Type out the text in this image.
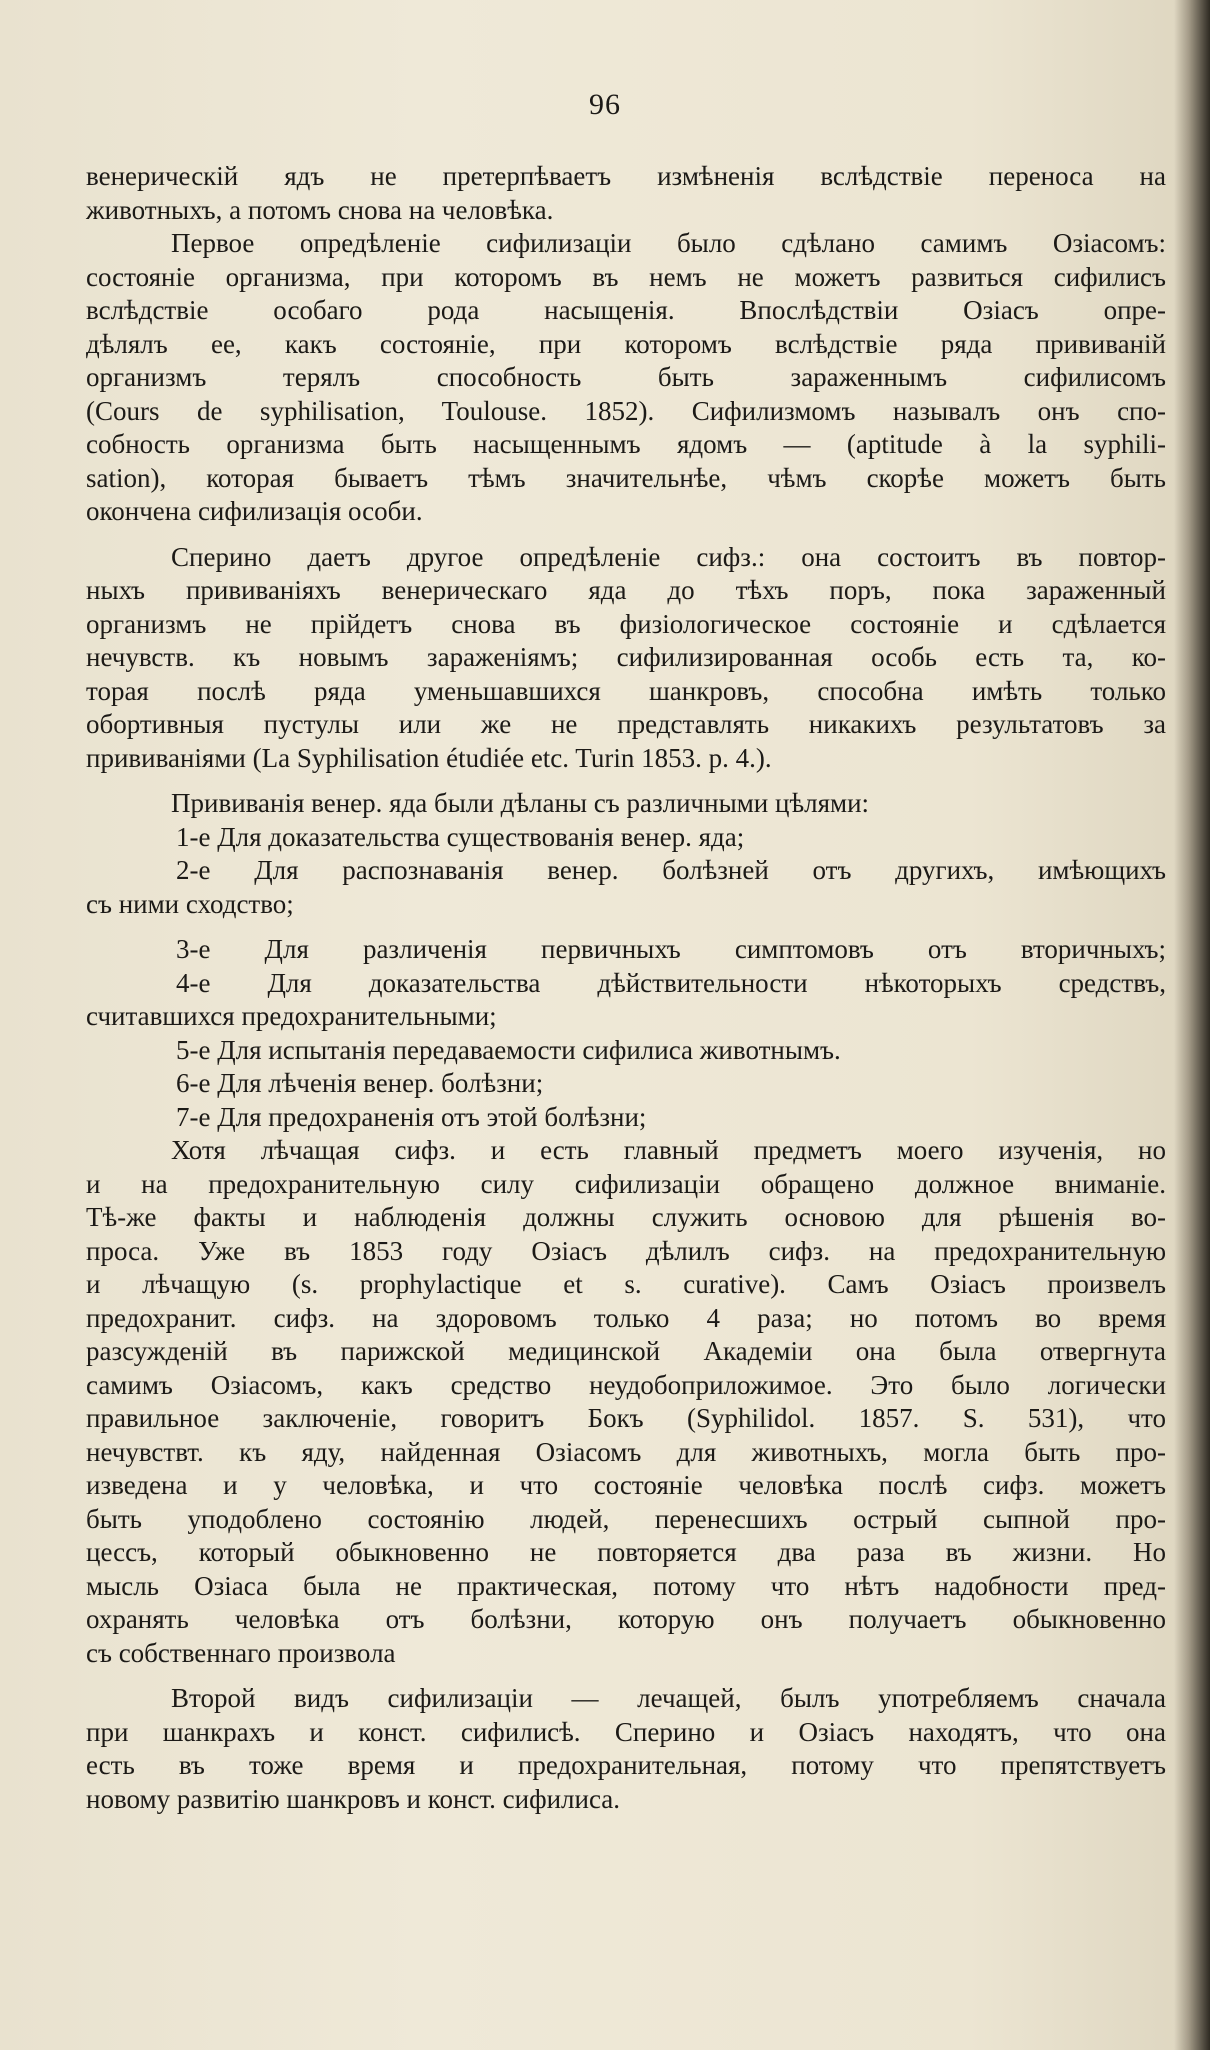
96
венерическій ядъ не претерпѣваетъ измѣненія вслѣдствіе переноса на
животныхъ, а потомъ снова на человѣка.
Первое опредѣленіе сифилизаціи было сдѣлано самимъ Озіасомъ:
состояніе организма, при которомъ въ немъ не можетъ развиться сифилисъ
вслѣдствіе особаго рода насыщенія. Впослѣдствіи Озіасъ опре-
дѣлялъ ее, какъ состояніе, при которомъ вслѣдствіе ряда прививаній
организмъ терялъ способность быть зараженнымъ сифилисомъ
(Cours de syphilisation, Toulouse. 1852). Сифилизмомъ называлъ онъ спо-
собность организма быть насыщеннымъ ядомъ — (aptitude à la syphili-
sation), которая бываетъ тѣмъ значительнѣе, чѣмъ скорѣе можетъ быть
окончена сифилизація особи.
Сперино даетъ другое опредѣленіе сифз.: она состоитъ въ повтор-
ныхъ прививаніяхъ венерическаго яда до тѣхъ поръ, пока зараженный
организмъ не прійдетъ снова въ физіологическое состояніе и сдѣлается
нечувств. къ новымъ зараженіямъ; сифилизированная особь есть та, ко-
торая послѣ ряда уменьшавшихся шанкровъ, способна имѣть только
обортивныя пустулы или же не представлять никакихъ результатовъ за
прививаніями (La Syphilisation étudiée etc. Turin 1853. p. 4.).
Прививанія венер. яда были дѣланы съ различными цѣлями:
1-е Для доказательства существованія венер. яда;
2-е Для распознаванія венер. болѣзней отъ другихъ, имѣющихъ
съ ними сходство;
3-е Для различенія первичныхъ симптомовъ отъ вторичныхъ;
4-е Для доказательства дѣйствительности нѣкоторыхъ средствъ,
считавшихся предохранительными;
5-е Для испытанія передаваемости сифилиса животнымъ.
6-е Для лѣченія венер. болѣзни;
7-е Для предохраненія отъ этой болѣзни;
Хотя лѣчащая сифз. и есть главный предметъ моего изученія, но
и на предохранительную силу сифилизаціи обращено должное вниманіе.
Тѣ-же факты и наблюденія должны служить основою для рѣшенія во-
проса. Уже въ 1853 году Озіасъ дѣлилъ сифз. на предохранительную
и лѣчащую (s. prophylactique et s. curative). Самъ Озіасъ произвелъ
предохранит. сифз. на здоровомъ только 4 раза; но потомъ во время
разсужденій въ парижской медицинской Академіи она была отвергнута
самимъ Озіасомъ, какъ средство неудобоприложимое. Это было логически
правильное заключеніе, говоритъ Бокъ (Syphilidol. 1857. S. 531), что
нечувствт. къ яду, найденная Озіасомъ для животныхъ, могла быть про-
изведена и у человѣка, и что состояніе человѣка послѣ сифз. можетъ
быть уподоблено состоянію людей, перенесшихъ острый сыпной про-
цессъ, который обыкновенно не повторяется два раза въ жизни. Но
мысль Озіаса была не практическая, потому что нѣтъ надобности пред-
охранять человѣка отъ болѣзни, которую онъ получаетъ обыкновенно
съ собственнаго произвола
Второй видъ сифилизаціи — лечащей, былъ употребляемъ сначала
при шанкрахъ и конст. сифилисѣ. Сперино и Озіасъ находятъ, что она
есть въ тоже время и предохранительная, потому что препятствуетъ
новому развитію шанкровъ и конст. сифилиса.
